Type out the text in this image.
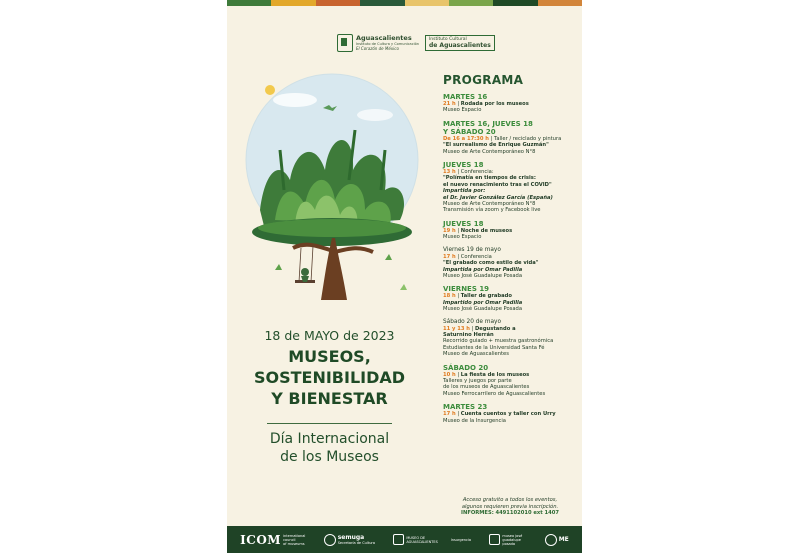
Aguascalientes
Instituto de Cultura y Comunicación
El Corazón de México
Instituto Cultural
de Aguascalientes
18 de MAYO de 2023
MUSEOS,
SOSTENIBILIDAD
Y BIENESTAR
Día Internacional
de los Museos
PROGRAMA
MARTES 16
21 h | Rodada por los museos
Museo Espacio
MARTES 16, JUEVES 18
Y SÁBADO 20
De 16 a 17:30 h | Taller / reciclado y pintura
"El surrealismo de Enrique Guzmán"
Museo de Arte Contemporáneo N°8
JUEVES 18
13 h | Conferencia:
"Polímatía en tiempos de crisis:
el nuevo renacimiento tras el COVID"
Impartida por:
el Dr. Javier González García (España)
Museo de Arte Contemporáneo N°8
Transmisión vía zoom y Facebook live
JUEVES 18
19 h | Noche de museos
Museo Espacio
Viernes 19 de mayo
17 h | Conferencia
"El grabado como estilo de vida"
Impartida por Omar Padilla
Museo José Guadalupe Posada
VIERNES 19
18 h | Taller de grabado
Impartido por Omar Padilla
Museo José Guadalupe Posada
Sábado 20 de mayo
11 y 13 h | Degustando a
Saturnino Herrán
Recorrido guiado + muestra gastronómica
Estudiantes de la Universidad Santa Fé
Museo de Aguascalientes
SÁBADO 20
10 h | La fiesta de los museos
Talleres y juegos por parte
de los museos de Aguascalientes
Museo Ferrocarrilero de Aguascalientes
MARTES 23
17 h | Cuenta cuentos y taller con Urry
Museo de la Insurgencia
Acceso gratuito a todos los eventos,
algunos requieren previa inscripción.
INFORMES: 4491102010 ext 1407
ICOM international
council
of museums
semuga
Secretaría de Cultura
MUSEO DE AGUASCALIENTES	Insurgencia
museo josé guadalupe posada
ME
